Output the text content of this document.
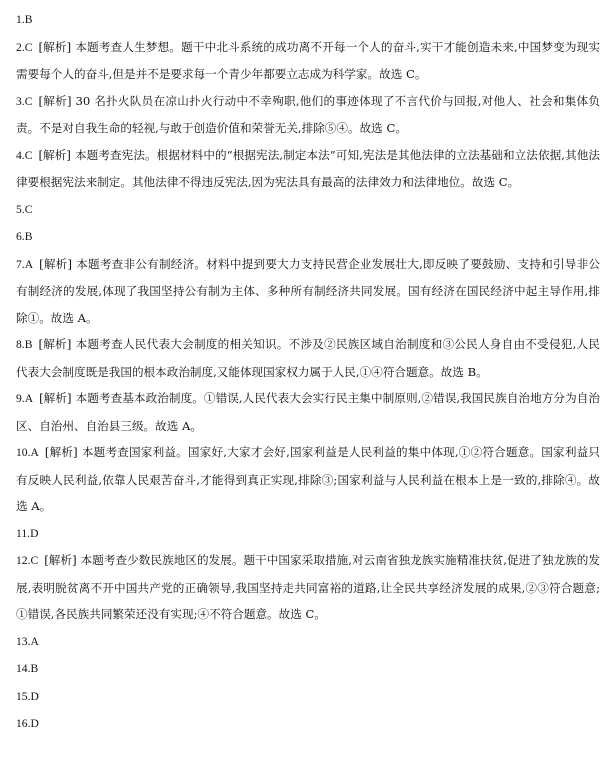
1.B

2.C [解析] 本题考查人生梦想。题干中北斗系统的成功离不开每一个人的奋斗,实干才能创造未来,中国梦变为现实需要每个人的奋斗,但是并不是要求每一个青少年都要立志成为科学家。故选 C。

3.C [解析] 30 名扑火队员在凉山扑火行动中不幸殉职,他们的事迹体现了不言代价与回报,对他人、社会和集体负责。不是对自我生命的轻视,与敢于创造价值和荣誉无关,排除⑤④。故选 C。

4.C [解析] 本题考查宪法。根据材料中的“根据宪法,制定本法”可知,宪法是其他法律的立法基础和立法依据,其他法律要根据宪法来制定。其他法律不得违反宪法,因为宪法具有最高的法律效力和法律地位。故选 C。

5.C

6.B

7.A [解析] 本题考查非公有制经济。材料中提到要大力支持民营企业发展壮大,即反映了要鼓励、支持和引导非公有制经济的发展,体现了我国坚持公有制为主体、多种所有制经济共同发展。国有经济在国民经济中起主导作用,排除①。故选 A。

8.B [解析] 本题考查人民代表大会制度的相关知识。不涉及②民族区域自治制度和③公民人身自由不受侵犯,人民代表大会制度既是我国的根本政治制度,又能体现国家权力属于人民,①④符合题意。故选 B。

9.A [解析] 本题考查基本政治制度。①错误,人民代表大会实行民主集中制原则,②错误,我国民族自治地方分为自治区、自治州、自治县三级。故选 A。

10.A [解析] 本题考查国家利益。国家好,大家才会好,国家利益是人民利益的集中体现,①②符合题意。国家利益只有反映人民利益,依靠人民艰苦奋斗,才能得到真正实现,排除③;国家利益与人民利益在根本上是一致的,排除④。故选 A。

11.D

12.C [解析] 本题考查少数民族地区的发展。题干中国家采取措施,对云南省独龙族实施精准扶贫,促进了独龙族的发展,表明脱贫离不开中国共产党的正确领导,我国坚持走共同富裕的道路,让全民共享经济发展的成果,②③符合题意;①错误,各民族共同繁荣还没有实现;④不符合题意。故选 C。

13.A

14.B

15.D

16.D
